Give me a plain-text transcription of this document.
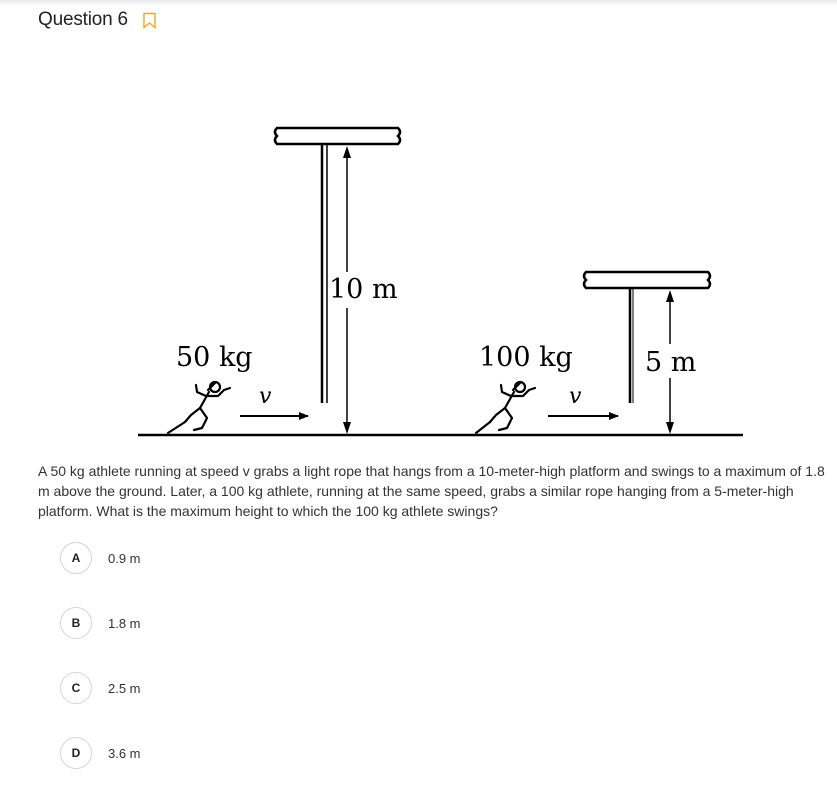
Question 6
10 m
50 kg
v
5 m
100 kg
v
A 50 kg athlete running at speed v grabs a light rope that hangs from a 10-meter-high platform and swings to a maximum of 1.8 m above the ground. Later, a 100 kg athlete, running at the same speed, grabs a similar rope hanging from a 5-meter-high platform. What is the maximum height to which the 100 kg athlete swings?
A	0.9 m
B	1.8 m
C	2.5 m
D	3.6 m
